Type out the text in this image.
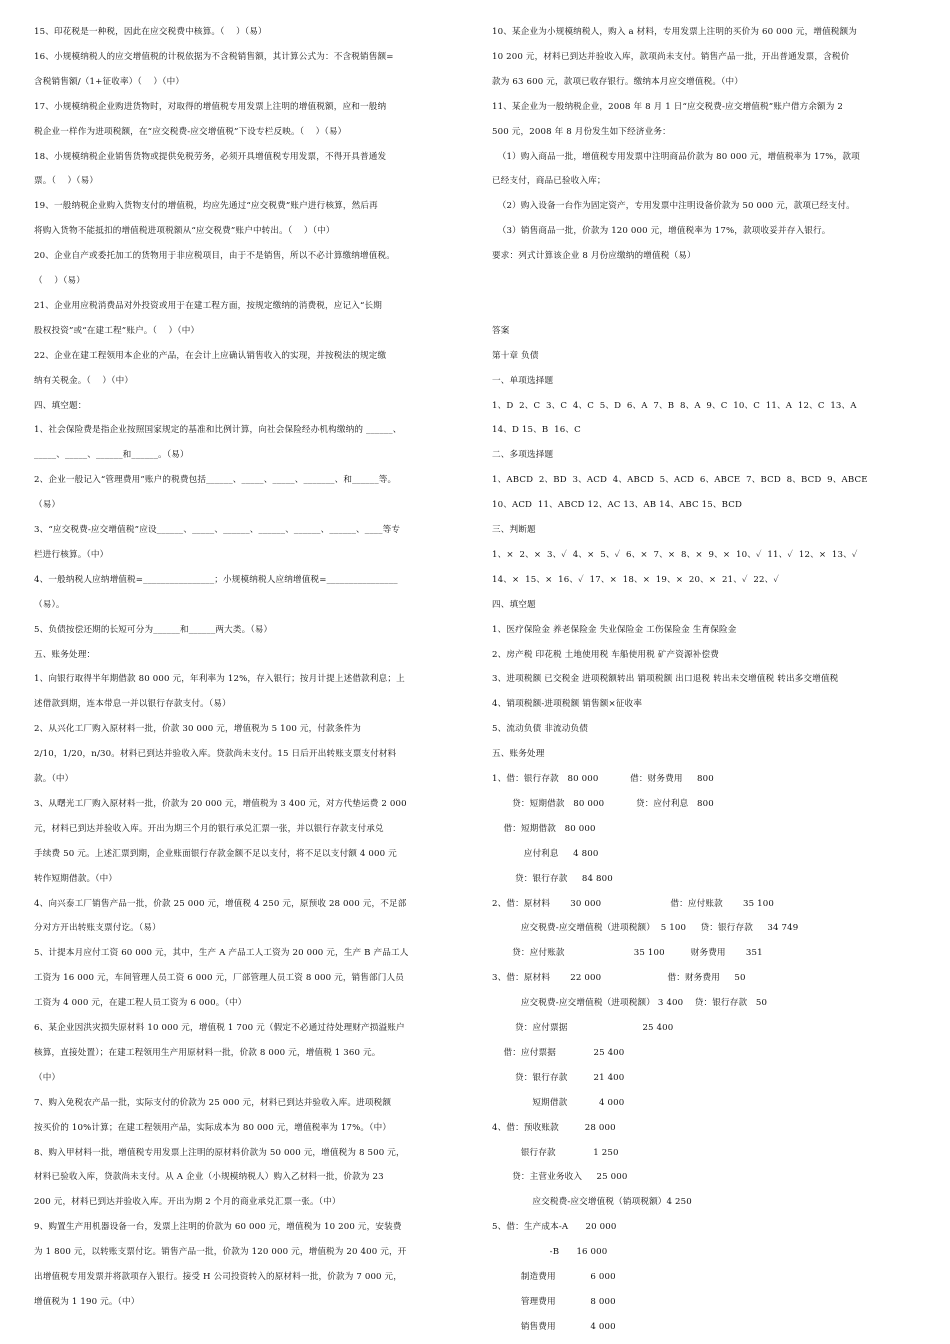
15、印花税是一种税，因此在应交税费中核算。（    ）（易）
16、小规模纳税人的应交增值税的计税依据为不含税销售额，其计算公式为：不含税销售额=
含税销售额/（1+征收率）（    ）（中）
17、小规模纳税企业购进货物时，对取得的增值税专用发票上注明的增值税额，应和一般纳
税企业一样作为进项税额，在“应交税费-应交增值税”下设专栏反映。（    ）（易）
18、小规模纳税企业销售货物或提供免税劳务，必须开具增值税专用发票，不得开具普通发
票。（    ）（易）
19、一般纳税企业购入货物支付的增值税，均应先通过“应交税费”账户进行核算，然后再
将购入货物不能抵扣的增值税进项税额从“应交税费”账户中转出。（    ）（中）
20、企业自产或委托加工的货物用于非应税项目，由于不是销售，所以不必计算缴纳增值税。
（    ）（易）
21、企业用应税消费品对外投资或用于在建工程方面，按规定缴纳的消费税，应记入“长期
股权投资”或“在建工程”账户。（    ）（中）
22、企业在建工程领用本企业的产品，在会计上应确认销售收入的实现，并按税法的规定缴
纳有关税金。（    ）（中）
四、填空题：
1、社会保险费是指企业按照国家规定的基准和比例计算，向社会保险经办机构缴纳的 ______、
_____、_____、______和______。（易）
2、企业一般记入“管理费用”账户的税费包括______、_____、_____、_______、和______等。
（易）
3、“应交税费-应交增值税”应设______、_____、______、______、______、______、____等专
栏进行核算。（中）
4、一般纳税人应纳增值税=________________；小规模纳税人应纳增值税=________________
（易）。
5、负债按偿还期的长短可分为______和______两大类。（易）
五、账务处理：
1、向银行取得半年期借款 80 000 元，年利率为 12%，存入银行；按月计提上述借款利息；上
述借款到期，连本带息一并以银行存款支付。（易）
2、从兴化工厂购入原材料一批，价款 30 000 元，增值税为 5 100 元，付款条件为
2/10，1/20，n/30。材料已到达并验收入库。贷款尚未支付。15 日后开出转账支票支付材料
款。（中）
3、从曙光工厂购入原材料一批，价款为 20 000 元，增值税为 3 400 元，对方代垫运费 2 000
元，材料已到达并验收入库。开出为期三个月的银行承兑汇票一张，并以银行存款支付承兑
手续费 50 元。上述汇票到期，企业账面银行存款金额不足以支付，将不足以支付额 4 000 元
转作短期借款。（中）
4、向兴泰工厂销售产品一批，价款 25 000 元，增值税 4 250 元，原预收 28 000 元，不足部
分对方开出转账支票付讫。（易）
5、计提本月应付工资 60 000 元，其中，生产 A 产品工人工资为 20 000 元，生产 B 产品工人
工资为 16 000 元，车间管理人员工资 6 000 元，厂部管理人员工资 8 000 元，销售部门人员
工资为 4 000 元，在建工程人员工资为 6 000。（中）
6、某企业因洪灾损失原材料 10 000 元，增值税 1 700 元（假定不必通过待处理财产损溢账户
核算，直接处置）；在建工程领用生产用原材料一批，价款 8 000 元，增值税 1 360 元。
（中）
7、购入免税农产品一批，实际支付的价款为 25 000 元，材料已到达并验收入库。进项税额
按买价的 10%计算；在建工程领用产品，实际成本为 80 000 元，增值税率为 17%。（中）
8、购入甲材料一批，增值税专用发票上注明的原材料价款为 50 000 元，增值税为 8 500 元，
材料已验收入库，贷款尚未支付。从 A 企业（小规模纳税人）购入乙材料一批，价款为 23
200 元，材料已到达并验收入库。开出为期 2 个月的商业承兑汇票一张。（中）
9、购置生产用机器设备一台，发票上注明的价款为 60 000 元，增值税为 10 200 元，安装费
为 1 800 元，以转账支票付讫。销售产品一批，价款为 120 000 元，增值税为 20 400 元，开
出增值税专用发票并将款项存入银行。接受 H 公司投资转入的原材料一批，价款为 7 000 元，
增值税为 1 190 元。（中）
10、某企业为小规模纳税人，购入 a 材料，专用发票上注明的买价为 60 000 元，增值税额为
10 200 元，材料已到达并验收入库，款项尚未支付。销售产品一批，开出普通发票，含税价
款为 63 600 元，款项已收存银行。缴纳本月应交增值税。（中）
11、某企业为一般纳税企业，2008 年 8 月 1 日“应交税费-应交增值税”账户借方余额为 2
500 元，2008 年 8 月份发生如下经济业务：
（1）购入商品一批，增值税专用发票中注明商品价款为 80 000 元，增值税率为 17%，款项
已经支付，商品已验收入库；
（2）购入设备一台作为固定资产，专用发票中注明设备价款为 50 000 元，款项已经支付。
（3）销售商品一批，价款为 120 000 元，增值税率为 17%，款项收妥并存入银行。
要求：列式计算该企业 8 月份应缴纳的增值税（易）
答案
第十章 负债
一、单项选择题
1、D  2、C  3、C  4、C  5、D  6、A  7、B  8、A  9、C  10、C  11、A  12、C  13、A
14、D 15、B  16、C
二、多项选择题
1、ABCD  2、BD  3、ACD  4、ABCD  5、ACD  6、ABCE  7、BCD  8、BCD  9、ABCE
10、ACD  11、ABCD 12、AC 13、AB 14、ABC 15、BCD
三、判断题
1、×  2、×  3、✓  4、×  5、✓  6、×  7、×  8、×  9、×  10、✓  11、✓  12、×  13、✓
14、×  15、×  16、✓  17、×  18、×  19、×  20、×  21、✓  22、✓
四、填空题
1、医疗保险金 养老保险金 失业保险金 工伤保险金 生育保险金
2、房产税 印花税 土地使用税 车船使用税 矿产资源补偿费
3、进项税额 已交税金 进项税额转出 销项税额 出口退税 转出未交增值税 转出多交增值税
4、销项税额-进项税额 销售额×征收率
5、流动负债 非流动负债
五、账务处理
1、借：银行存款   80 000           借：财务费用     800
贷：短期借款   80 000           贷：应付利息   800
借：短期借款   80 000
应付利息     4 800
贷：银行存款     84 800
2、借：原材料       30 000                        借：应付账款       35 100
应交税费-应交增值税（进项税额）  5 100     贷：银行存款     34 749
贷：应付账款                        35 100         财务费用       351
3、借：原材料       22 000                       借：财务费用     50
应交税费-应交增值税（进项税额） 3 400    贷：银行存款   50
贷：应付票据                          25 400
借：应付票据             25 400
贷：银行存款         21 400
短期借款           4 000
4、借：预收账款         28 000
银行存款             1 250
贷：主营业务收入     25 000
应交税费-应交增值税（销项税额）4 250
5、借：生产成本-A      20 000
-B      16 000
制造费用            6 000
管理费用            8 000
销售费用            4 000
